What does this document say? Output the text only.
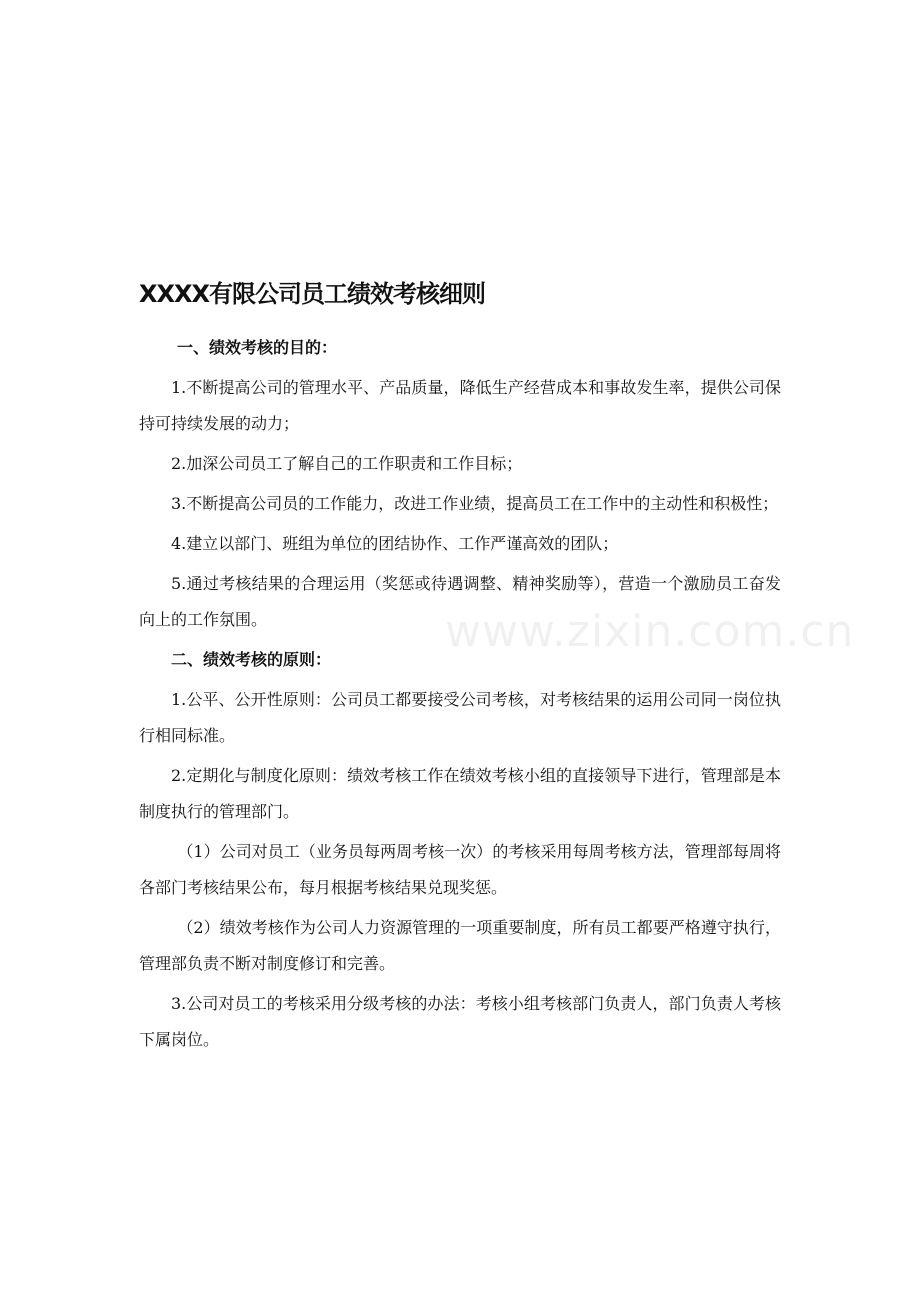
XXXX有限公司员工绩效考核细则
一、绩效考核的目的：

1.不断提高公司的管理水平、产品质量，降低生产经营成本和事故发生率，提供公司保持可持续发展的动力；

2.加深公司员工了解自己的工作职责和工作目标；

3.不断提高公司员的工作能力，改进工作业绩，提高员工在工作中的主动性和积极性；

4.建立以部门、班组为单位的团结协作、工作严谨高效的团队；

5.通过考核结果的合理运用（奖惩或待遇调整、精神奖励等），营造一个激励员工奋发向上的工作氛围。

二、绩效考核的原则：

1.公平、公开性原则：公司员工都要接受公司考核，对考核结果的运用公司同一岗位执行相同标准。

2.定期化与制度化原则：绩效考核工作在绩效考核小组的直接领导下进行，管理部是本制度执行的管理部门。

（1）公司对员工（业务员每两周考核一次）的考核采用每周考核方法，管理部每周将各部门考核结果公布，每月根据考核结果兑现奖惩。

（2）绩效考核作为公司人力资源管理的一项重要制度，所有员工都要严格遵守执行，管理部负责不断对制度修订和完善。

3.公司对员工的考核采用分级考核的办法：考核小组考核部门负责人，部门负责人考核下属岗位。

www.zixin.com.cn
